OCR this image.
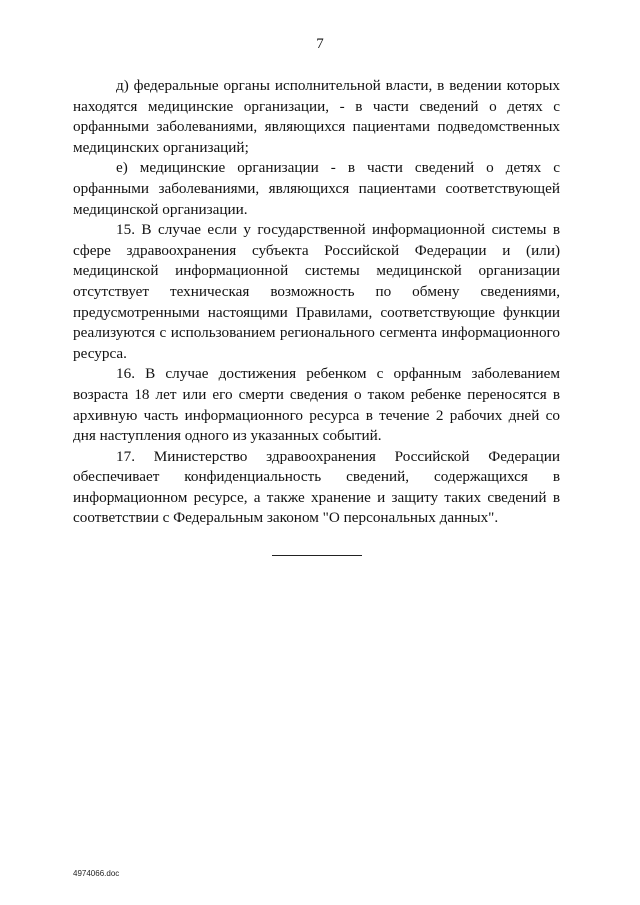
7

д) федеральные органы исполнительной власти, в ведении которых находятся медицинские организации, - в части сведений о детях с орфанными заболеваниями, являющихся пациентами подведомственных медицинских организаций;

е) медицинские организации - в части сведений о детях с орфанными заболеваниями, являющихся пациентами соответствующей медицинской организации.

15. В случае если у государственной информационной системы в сфере здравоохранения субъекта Российской Федерации и (или) медицинской информационной системы медицинской организации отсутствует техническая возможность по обмену сведениями, предусмотренными настоящими Правилами, соответствующие функции реализуются с использованием регионального сегмента информационного ресурса.

16. В случае достижения ребенком с орфанным заболеванием возраста 18 лет или его смерти сведения о таком ребенке переносятся в архивную часть информационного ресурса в течение 2 рабочих дней со дня наступления одного из указанных событий.

17. Министерство здравоохранения Российской Федерации обеспечивает конфиденциальность сведений, содержащихся в информационном ресурсе, а также хранение и защиту таких сведений в соответствии с Федеральным законом "О персональных данных".

4974066.doc
